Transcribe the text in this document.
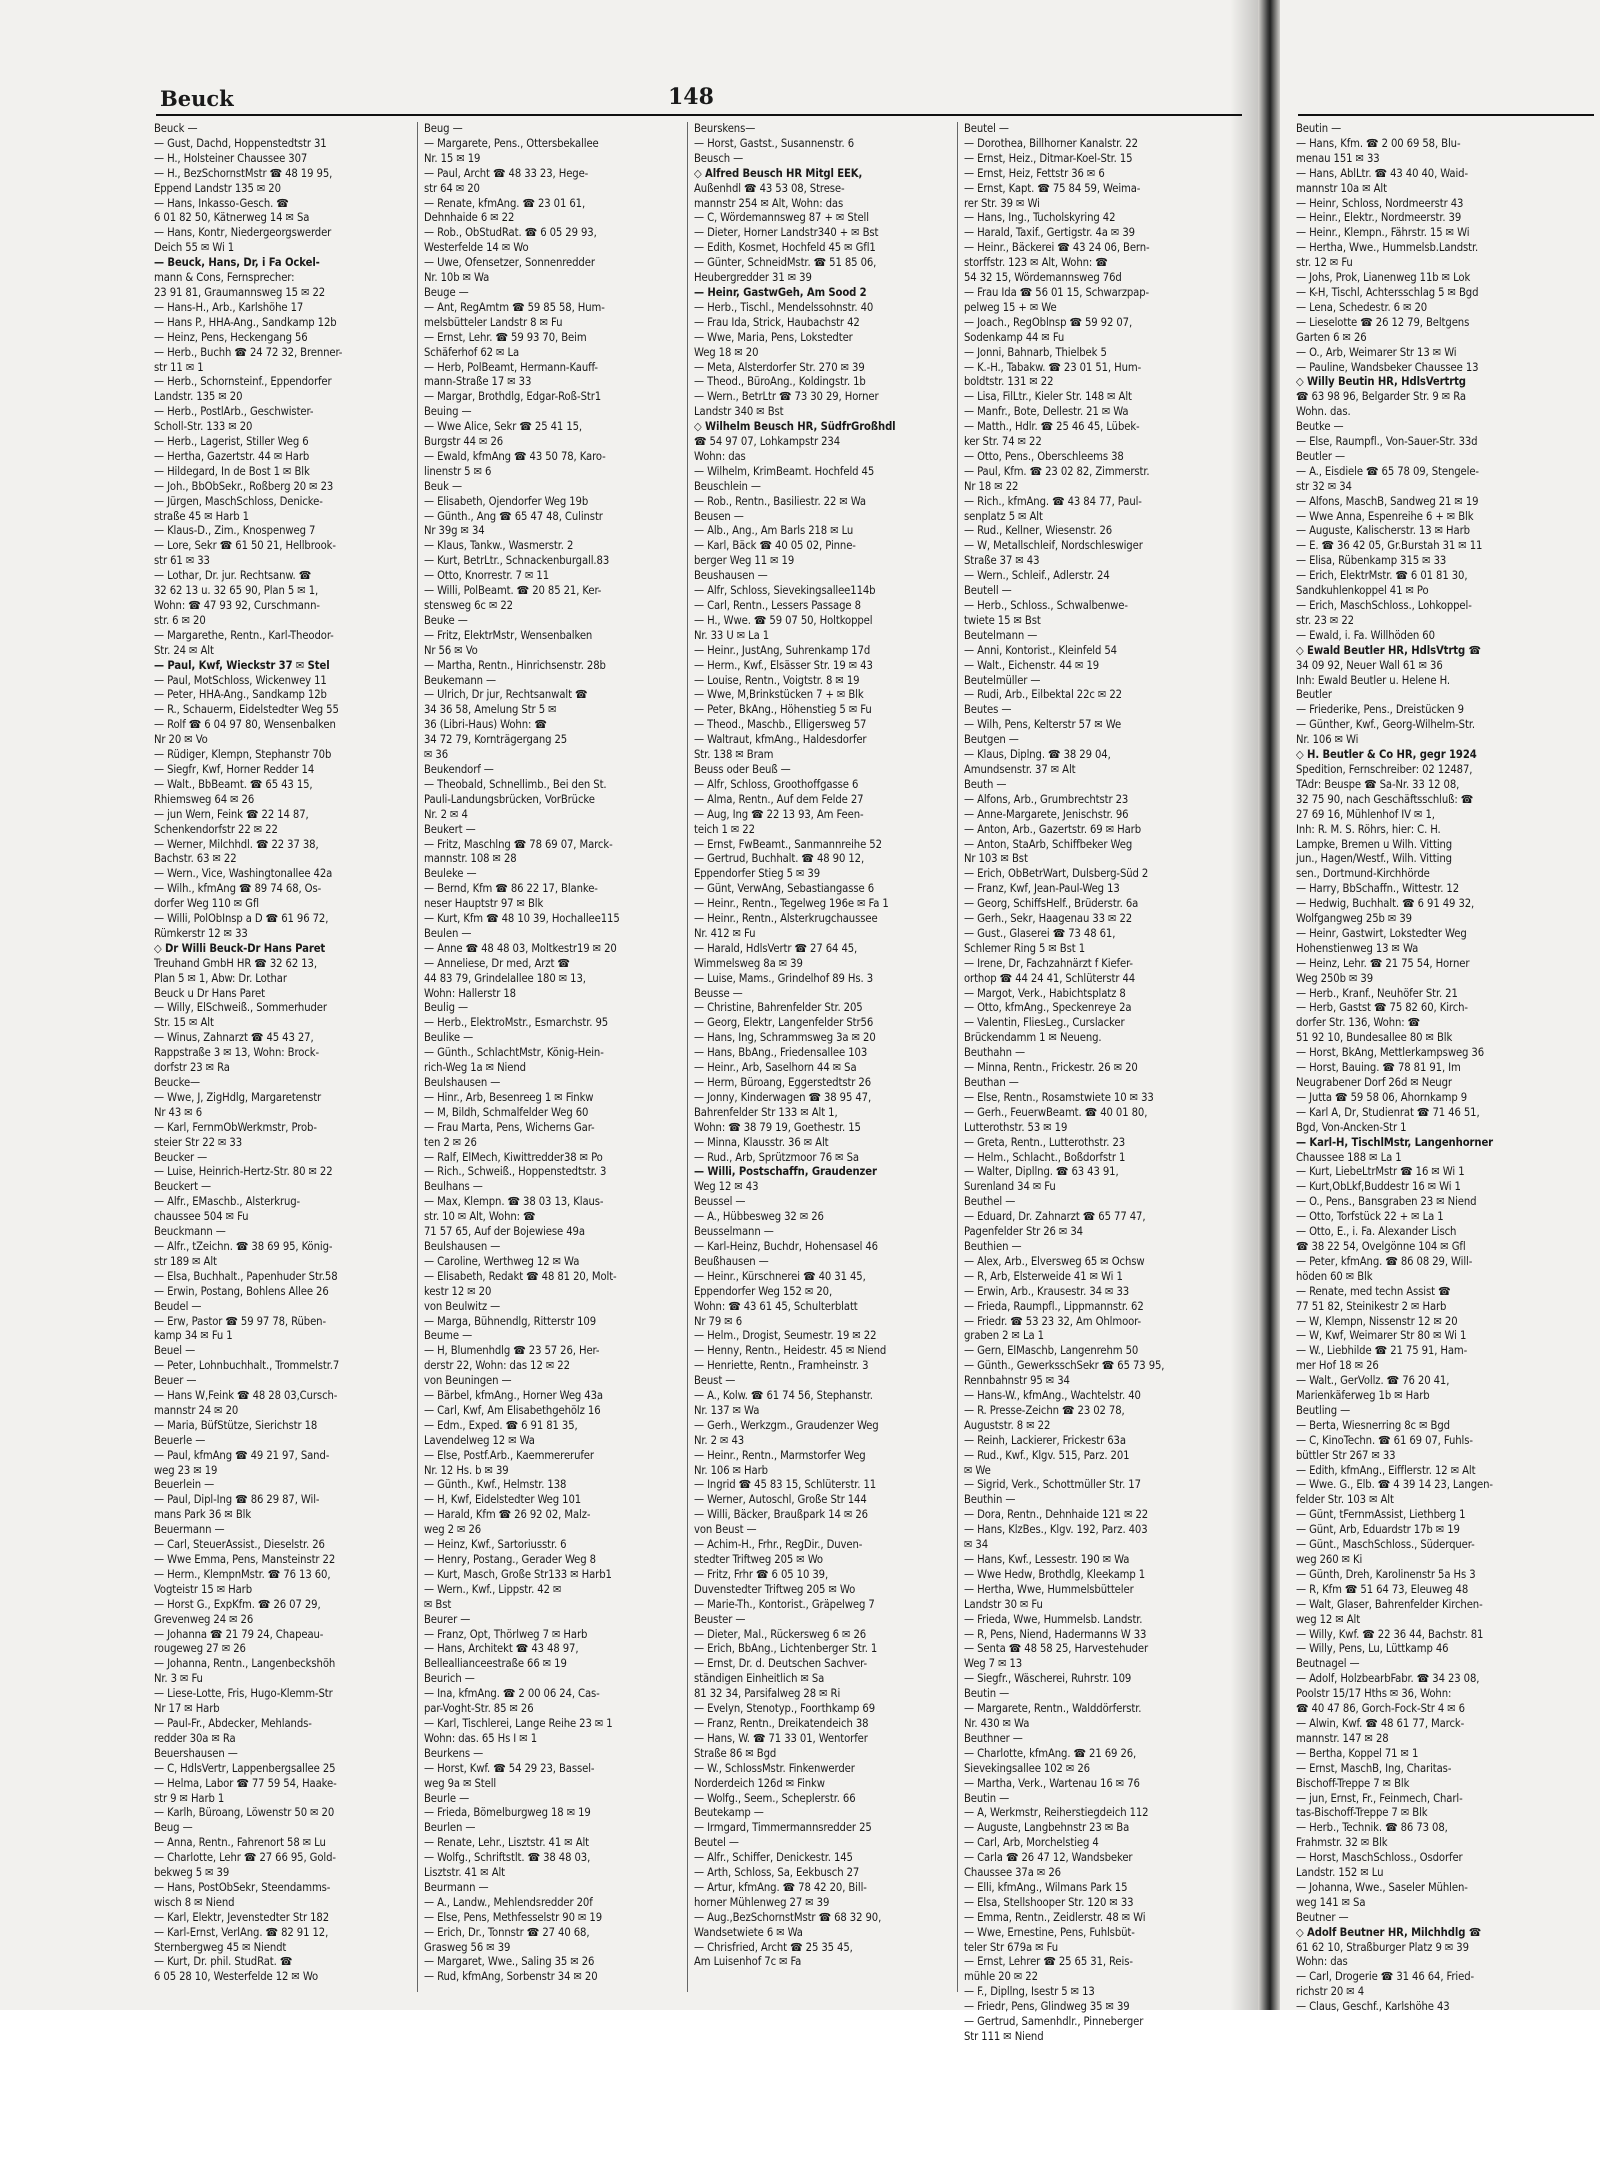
Beuck	148
Beuck —
— Gust, Dachd, Hoppenstedtstr 31
— H., Holsteiner Chaussee 307
— H., BezSchornstMstr ☎ 48 19 95,
Eppend Landstr 135 ✉ 20
— Hans, Inkasso-Gesch. ☎
6 01 82 50, Kätnerweg 14 ✉ Sa
— Hans, Kontr, Niedergeorgswerder
Deich 55 ✉ Wi 1
— Beuck, Hans, Dr, i Fa Ockel-
mann & Cons, Fernsprecher:
23 91 81, Graumannsweg 15 ✉ 22
— Hans-H., Arb., Karlshöhe 17
— Hans P., HHA-Ang., Sandkamp 12b
— Heinz, Pens, Heckengang 56
— Herb., Buchh ☎ 24 72 32, Brenner-
str 11 ✉ 1
— Herb., Schornsteinf., Eppendorfer
Landstr. 135 ✉ 20
— Herb., PostlArb., Geschwister-
Scholl-Str. 133 ✉ 20
— Herb., Lagerist, Stiller Weg 6
— Hertha, Gazertstr. 44 ✉ Harb
— Hildegard, In de Bost 1 ✉ Blk
— Joh., BbObSekr., Roßberg 20 ✉ 23
— Jürgen, MaschSchloss, Denicke-
straße 45 ✉ Harb 1
— Klaus-D., Zim., Knospenweg 7
— Lore, Sekr ☎ 61 50 21, Hellbrook-
str 61 ✉ 33
— Lothar, Dr. jur. Rechtsanw. ☎
32 62 13 u. 32 65 90, Plan 5 ✉ 1,
Wohn: ☎ 47 93 92, Curschmann-
str. 6 ✉ 20
— Margarethe, Rentn., Karl-Theodor-
Str. 24 ✉ Alt
— Paul, Kwf, Wieckstr 37 ✉ Stel
— Paul, MotSchloss, Wickenwey 11
— Peter, HHA-Ang., Sandkamp 12b
— R., Schauerm, Eidelstedter Weg 55
— Rolf ☎ 6 04 97 80, Wensenbalken
Nr 20 ✉ Vo
— Rüdiger, Klempn, Stephanstr 70b
— Siegfr, Kwf, Horner Redder 14
— Walt., BbBeamt. ☎ 65 43 15,
Rhiemsweg 64 ✉ 26
— jun Wern, Feink ☎ 22 14 87,
Schenkendorfstr 22 ✉ 22
— Werner, Milchhdl. ☎ 22 37 38,
Bachstr. 63 ✉ 22
— Wern., Vice, Washingtonallee 42a
— Wilh., kfmAng ☎ 89 74 68, Os-
dorfer Weg 110 ✉ Gfl
— Willi, PolObInsp a D ☎ 61 96 72,
Rümkerstr 12 ✉ 33
◇ Dr Willi Beuck-Dr Hans Paret
Treuhand GmbH HR ☎ 32 62 13,
Plan 5 ✉ 1, Abw: Dr. Lothar
Beuck u Dr Hans Paret
— Willy, ElSchweiß., Sommerhuder
Str. 15 ✉ Alt
— Winus, Zahnarzt ☎ 45 43 27,
Rappstraße 3 ✉ 13, Wohn: Brock-
dorfstr 23 ✉ Ra
Beucke—
— Wwe, J, ZigHdlg, Margaretenstr
Nr 43 ✉ 6
— Karl, FernmObWerkmstr, Prob-
steier Str 22 ✉ 33
Beucker —
— Luise, Heinrich-Hertz-Str. 80 ✉ 22
Beuckert —
— Alfr., EMaschb., Alsterkrug-
chaussee 504 ✉ Fu
Beuckmann —
— Alfr., tZeichn. ☎ 38 69 95, König-
str 189 ✉ Alt
— Elsa, Buchhalt., Papenhuder Str.58
— Erwin, Postang, Bohlens Allee 26
Beudel —
— Erw, Pastor ☎ 59 97 78, Rüben-
kamp 34 ✉ Fu 1
Beuel —
— Peter, Lohnbuchhalt., Trommelstr.7
Beuer —
— Hans W,Feink ☎ 48 28 03,Cursch-
mannstr 24 ✉ 20
— Maria, BüfStütze, Sierichstr 18
Beuerle —
— Paul, kfmAng ☎ 49 21 97, Sand-
weg 23 ✉ 19
Beuerlein —
— Paul, Dipl-Ing ☎ 86 29 87, Wil-
mans Park 36 ✉ Blk
Beuermann —
— Carl, SteuerAssist., Dieselstr. 26
— Wwe Emma, Pens, Mansteinstr 22
— Herm., KlempnMstr. ☎ 76 13 60,
Vogteistr 15 ✉ Harb
— Horst G., ExpKfm. ☎ 26 07 29,
Grevenweg 24 ✉ 26
— Johanna ☎ 21 79 24, Chapeau-
rougeweg 27 ✉ 26
— Johanna, Rentn., Langenbeckshöh
Nr. 3 ✉ Fu
— Liese-Lotte, Fris, Hugo-Klemm-Str
Nr 17 ✉ Harb
— Paul-Fr., Abdecker, Mehlands-
redder 30a ✉ Ra
Beuershausen —
— C, HdlsVertr, Lappenbergsallee 25
— Helma, Labor ☎ 77 59 54, Haake-
str 9 ✉ Harb 1
— Karlh, Büroang, Löwenstr 50 ✉ 20
Beug —
— Anna, Rentn., Fahrenort 58 ✉ Lu
— Charlotte, Lehr ☎ 27 66 95, Gold-
bekweg 5 ✉ 39
— Hans, PostObSekr, Steendamms-
wisch 8 ✉ Niend
— Karl, Elektr, Jevenstedter Str 182
— Karl-Ernst, VerlAng. ☎ 82 91 12,
Sternbergweg 45 ✉ Niendt
— Kurt, Dr. phil. StudRat. ☎
6 05 28 10, Westerfelde 12 ✉ Wo
Beug —
— Margarete, Pens., Ottersbekallee
Nr. 15 ✉ 19
— Paul, Archt ☎ 48 33 23, Hege-
str 64 ✉ 20
— Renate, kfmAng. ☎ 23 01 61,
Dehnhaide 6 ✉ 22
— Rob., ObStudRat. ☎ 6 05 29 93,
Westerfelde 14 ✉ Wo
— Uwe, Ofensetzer, Sonnenredder
Nr. 10b ✉ Wa
Beuge —
— Ant, RegAmtm ☎ 59 85 58, Hum-
melsbütteler Landstr 8 ✉ Fu
— Ernst, Lehr. ☎ 59 93 70, Beim
Schäferhof 62 ✉ La
— Herb, PolBeamt, Hermann-Kauff-
mann-Straße 17 ✉ 33
— Margar, Brothdlg, Edgar-Roß-Str1
Beuing —
— Wwe Alice, Sekr ☎ 25 41 15,
Burgstr 44 ✉ 26
— Ewald, kfmAng ☎ 43 50 78, Karo-
linenstr 5 ✉ 6
Beuk —
— Elisabeth, Ojendorfer Weg 19b
— Günth., Ang ☎ 65 47 48, Culinstr
Nr 39g ✉ 34
— Klaus, Tankw., Wasmerstr. 2
— Kurt, BetrLtr., Schnackenburgall.83
— Otto, Knorrestr. 7 ✉ 11
— Willi, PolBeamt. ☎ 20 85 21, Ker-
stensweg 6c ✉ 22
Beuke —
— Fritz, ElektrMstr, Wensenbalken
Nr 56 ✉ Vo
— Martha, Rentn., Hinrichsenstr. 28b
Beukemann —
— Ulrich, Dr jur, Rechtsanwalt ☎
34 36 58, Amelung Str 5 ✉
36 (Libri-Haus) Wohn: ☎
34 72 79, Kornträgergang 25
✉ 36
Beukendorf —
— Theobald, Schnellimb., Bei den St.
Pauli-Landungsbrücken, VorBrücke
Nr. 2 ✉ 4
Beukert —
— Fritz, Maschlng ☎ 78 69 07, Marck-
mannstr. 108 ✉ 28
Beuleke —
— Bernd, Kfm ☎ 86 22 17, Blanke-
neser Hauptstr 97 ✉ Blk
— Kurt, Kfm ☎ 48 10 39, Hochallee115
Beulen —
— Anne ☎ 48 48 03, Moltkestr19 ✉ 20
— Anneliese, Dr med, Arzt ☎
44 83 79, Grindelallee 180 ✉ 13,
Wohn: Hallerstr 18
Beulig —
— Herb., ElektroMstr., Esmarchstr. 95
Beulike —
— Günth., SchlachtMstr, König-Hein-
rich-Weg 1a ✉ Niend
Beulshausen —
— Hinr., Arb, Besenreeg 1 ✉ Finkw
— M, Bildh, Schmalfelder Weg 60
— Frau Marta, Pens, Wicherns Gar-
ten 2 ✉ 26
— Ralf, ElMech, Kiwittredder38 ✉ Po
— Rich., Schweiß., Hoppenstedtstr. 3
Beulhans —
— Max, Klempn. ☎ 38 03 13, Klaus-
str. 10 ✉ Alt, Wohn: ☎
71 57 65, Auf der Bojewiese 49a
Beulshausen —
— Caroline, Werthweg 12 ✉ Wa
— Elisabeth, Redakt ☎ 48 81 20, Molt-
kestr 12 ✉ 20
von Beulwitz —
— Marga, Bühnendlg, Ritterstr 109
Beume —
— H, Blumenhdlg ☎ 23 57 26, Her-
derstr 22, Wohn: das 12 ✉ 22
von Beuningen —
— Bärbel, kfmAng., Horner Weg 43a
— Carl, Kwf, Am Elisabethgehölz 16
— Edm., Exped. ☎ 6 91 81 35,
Lavendelweg 12 ✉ Wa
— Else, Postf.Arb., Kaemmererufer
Nr. 12 Hs. b ✉ 39
— Günth., Kwf., Helmstr. 138
— H, Kwf, Eidelstedter Weg 101
— Harald, Kfm ☎ 26 92 02, Malz-
weg 2 ✉ 26
— Heinz, Kwf., Sartoriusstr. 6
— Henry, Postang., Gerader Weg 8
— Kurt, Masch, Große Str133 ✉ Harb1
— Wern., Kwf., Lippstr. 42 ✉
✉ Bst
Beurer —
— Franz, Opt, Thörlweg 7 ✉ Harb
— Hans, Architekt ☎ 43 48 97,
Belleallianceestraße 66 ✉ 19
Beurich —
— Ina, kfmAng. ☎ 2 00 06 24, Cas-
par-Voght-Str. 85 ✉ 26
— Karl, Tischlerei, Lange Reihe 23 ✉ 1
Wohn: das. 65 Hs I ✉ 1
Beurkens —
— Horst, Kwf. ☎ 54 29 23, Bassel-
weg 9a ✉ Stell
Beurle —
— Frieda, Bömelburgweg 18 ✉ 19
Beurlen —
— Renate, Lehr., Lisztstr. 41 ✉ Alt
— Wolfg., Schriftstlt. ☎ 38 48 03,
Lisztstr. 41 ✉ Alt
Beurmann —
— A., Landw., Mehlendsredder 20f
— Else, Pens, Methfesselstr 90 ✉ 19
— Erich, Dr., Tonnstr ☎ 27 40 68,
Grasweg 56 ✉ 39
— Margaret, Wwe., Saling 35 ✉ 26
— Rud, kfmAng, Sorbenstr 34 ✉ 20
Beurskens—
— Horst, Gastst., Susannenstr. 6
Beusch —
◇ Alfred Beusch HR Mitgl EEK,
Außenhdl ☎ 43 53 08, Strese-
mannstr 254 ✉ Alt, Wohn: das
— C, Wördemannsweg 87 + ✉ Stell
— Dieter, Horner Landstr340 + ✉ Bst
— Edith, Kosmet, Hochfeld 45 ✉ Gfl1
— Günter, SchneidMstr. ☎ 51 85 06,
Heubergredder 31 ✉ 39
— Heinr, GastwGeh, Am Sood 2
— Herb., Tischl., Mendelssohnstr. 40
— Frau Ida, Strick, Haubachstr 42
— Wwe, Maria, Pens, Lokstedter
Weg 18 ✉ 20
— Meta, Alsterdorfer Str. 270 ✉ 39
— Theod., BüroAng., Koldingstr. 1b
— Wern., BetrLtr ☎ 73 30 29, Horner
Landstr 340 ✉ Bst
◇ Wilhelm Beusch HR, SüdfrGroßhdl
☎ 54 97 07, Lohkampstr 234
Wohn: das
— Wilhelm, KrimBeamt. Hochfeld 45
Beuschlein —
— Rob., Rentn., Basiliestr. 22 ✉ Wa
Beusen —
— Alb., Ang., Am Barls 218 ✉ Lu
— Karl, Bäck ☎ 40 05 02, Pinne-
berger Weg 11 ✉ 19
Beushausen —
— Alfr, Schloss, Sievekingsallee114b
— Carl, Rentn., Lessers Passage 8
— H., Wwe. ☎ 59 07 50, Holtkoppel
Nr. 33 U ✉ La 1
— Heinr., JustAng, Suhrenkamp 17d
— Herm., Kwf., Elsässer Str. 19 ✉ 43
— Louise, Rentn., Voigtstr. 8 ✉ 19
— Wwe, M,Brinkstücken 7 + ✉ Blk
— Peter, BkAng., Höhenstieg 5 ✉ Fu
— Theod., Maschb., Elligersweg 57
— Waltraut, kfmAng., Haldesdorfer
Str. 138 ✉ Bram
Beuss oder Beuß —
— Alfr, Schloss, Groothoffgasse 6
— Alma, Rentn., Auf dem Felde 27
— Aug, Ing ☎ 22 13 93, Am Feen-
teich 1 ✉ 22
— Ernst, FwBeamt., Sanmannreihe 52
— Gertrud, Buchhalt. ☎ 48 90 12,
Eppendorfer Stieg 5 ✉ 39
— Günt, VerwAng, Sebastiangasse 6
— Heinr., Rentn., Tegelweg 196e ✉ Fa 1
— Heinr., Rentn., Alsterkrugchaussee
Nr. 412 ✉ Fu
— Harald, HdlsVertr ☎ 27 64 45,
Wimmelsweg 8a ✉ 39
— Luise, Mams., Grindelhof 89 Hs. 3
Beusse —
— Christine, Bahrenfelder Str. 205
— Georg, Elektr, Langenfelder Str56
— Hans, Ing, Schrammsweg 3a ✉ 20
— Hans, BbAng., Friedensallee 103
— Heinr., Arb, Saselhorn 44 ✉ Sa
— Herm, Büroang, Eggerstedtstr 26
— Jonny, Kinderwagen ☎ 38 95 47,
Bahrenfelder Str 133 ✉ Alt 1,
Wohn: ☎ 38 79 19, Goethestr. 15
— Minna, Klausstr. 36 ✉ Alt
— Rud., Arb, Sprützmoor 76 ✉ Sa
— Willi, Postschaffn, Graudenzer
Weg 12 ✉ 43
Beussel —
— A., Hübbesweg 32 ✉ 26
Beusselmann —
— Karl-Heinz, Buchdr, Hohensasel 46
Beußhausen —
— Heinr., Kürschnerei ☎ 40 31 45,
Eppendorfer Weg 152 ✉ 20,
Wohn: ☎ 43 61 45, Schulterblatt
Nr 79 ✉ 6
— Helm., Drogist, Seumestr. 19 ✉ 22
— Henny, Rentn., Heidestr. 45 ✉ Niend
— Henriette, Rentn., Framheinstr. 3
Beust —
— A., Kolw. ☎ 61 74 56, Stephanstr.
Nr. 137 ✉ Wa
— Gerh., Werkzgm., Graudenzer Weg
Nr. 2 ✉ 43
— Heinr., Rentn., Marmstorfer Weg
Nr. 106 ✉ Harb
— Ingrid ☎ 45 83 15, Schlüterstr. 11
— Werner, Autoschl, Große Str 144
— Willi, Bäcker, Braußpark 14 ✉ 26
von Beust —
— Achim-H., Frhr., RegDir., Duven-
stedter Triftweg 205 ✉ Wo
— Fritz, Frhr ☎ 6 05 10 39,
Duvenstedter Triftweg 205 ✉ Wo
— Marie-Th., Kontorist., Gräpelweg 7
Beuster —
— Dieter, Mal., Rückersweg 6 ✉ 26
— Erich, BbAng., Lichtenberger Str. 1
— Ernst, Dr. d. Deutschen Sachver-
ständigen Einheitlich ✉ Sa
81 32 34, Parsifalweg 28 ✉ Ri
— Evelyn, Stenotyp., Foorthkamp 69
— Franz, Rentn., Dreikatendeich 38
— Hans, W. ☎ 71 33 01, Wentorfer
Straße 86 ✉ Bgd
— W., SchlossMstr. Finkenwerder
Norderdeich 126d ✉ Finkw
— Wolfg., Seem., Scheplerstr. 66
Beutekamp —
— Irmgard, Timmermannsredder 25
Beutel —
— Alfr., Schiffer, Denickestr. 145
— Arth, Schloss, Sa, Eekbusch 27
— Artur, kfmAng. ☎ 78 42 20, Bill-
horner Mühlenweg 27 ✉ 39
— Aug.,BezSchornstMstr ☎ 68 32 90,
Wandsetwiete 6 ✉ Wa
— Chrisfried, Archt ☎ 25 35 45,
Am Luisenhof 7c ✉ Fa
Beutel —
— Dorothea, Billhorner Kanalstr. 22
— Ernst, Heiz., Ditmar-Koel-Str. 15
— Ernst, Heiz, Fettstr 36 ✉ 6
— Ernst, Kapt. ☎ 75 84 59, Weima-
rer Str. 39 ✉ Wi
— Hans, Ing., Tucholskyring 42
— Harald, Taxif., Gertigstr. 4a ✉ 39
— Heinr., Bäckerei ☎ 43 24 06, Bern-
storffstr. 123 ✉ Alt, Wohn: ☎
54 32 15, Wördemannsweg 76d
— Frau Ida ☎ 56 01 15, Schwarzpap-
pelweg 15 + ✉ We
— Joach., RegOblnsp ☎ 59 92 07,
Sodenkamp 44 ✉ Fu
— Jonni, Bahnarb, Thielbek 5
— K.-H., Tabakw. ☎ 23 01 51, Hum-
boldtstr. 131 ✉ 22
— Lisa, FilLtr., Kieler Str. 148 ✉ Alt
— Manfr., Bote, Dellestr. 21 ✉ Wa
— Matth., Hdlr. ☎ 25 46 45, Lübek-
ker Str. 74 ✉ 22
— Otto, Pens., Oberschleems 38
— Paul, Kfm. ☎ 23 02 82, Zimmerstr.
Nr 18 ✉ 22
— Rich., kfmAng. ☎ 43 84 77, Paul-
senplatz 5 ✉ Alt
— Rud., Kellner, Wiesenstr. 26
— W, Metallschleif, Nordschleswiger
Straße 37 ✉ 43
— Wern., Schleif., Adlerstr. 24
Beutell —
— Herb., Schloss., Schwalbenwe-
twiete 15 ✉ Bst
Beutelmann —
— Anni, Kontorist., Kleinfeld 54
— Walt., Eichenstr. 44 ✉ 19
Beutelmüller —
— Rudi, Arb., Eilbektal 22c ✉ 22
Beutes —
— Wilh, Pens, Kelterstr 57 ✉ We
Beutgen —
— Klaus, Diplng. ☎ 38 29 04,
Amundsenstr. 37 ✉ Alt
Beuth —
— Alfons, Arb., Grumbrechtstr 23
— Anne-Margarete, Jenischstr. 96
— Anton, Arb., Gazertstr. 69 ✉ Harb
— Anton, StaArb, Schiffbeker Weg
Nr 103 ✉ Bst
— Erich, ObBetrWart, Dulsberg-Süd 2
— Franz, Kwf, Jean-Paul-Weg 13
— Georg, SchiffsHelf., Brüderstr. 6a
— Gerh., Sekr, Haagenau 33 ✉ 22
— Gust., Glaserei ☎ 73 48 61,
Schlemer Ring 5 ✉ Bst 1
— Irene, Dr, Fachzahnärzt f Kiefer-
orthop ☎ 44 24 41, Schlüterstr 44
— Margot, Verk., Habichtsplatz 8
— Otto, kfmAng., Speckenreye 2a
— Valentin, FliesLeg., Curslacker
Brückendamm 1 ✉ Neueng.
Beuthahn —
— Minna, Rentn., Frickestr. 26 ✉ 20
Beuthan —
— Else, Rentn., Rosamstwiete 10 ✉ 33
— Gerh., FeuerwBeamt. ☎ 40 01 80,
Lutterothstr. 53 ✉ 19
— Greta, Rentn., Lutterothstr. 23
— Helm., Schlacht., Boßdorfstr 1
— Walter, Dipllng. ☎ 63 43 91,
Surenland 34 ✉ Fu
Beuthel —
— Eduard, Dr. Zahnarzt ☎ 65 77 47,
Pagenfelder Str 26 ✉ 34
Beuthien —
— Alex, Arb., Elversweg 65 ✉ Ochsw
— R, Arb, Elsterweide 41 ✉ Wi 1
— Erwin, Arb., Krausestr. 34 ✉ 33
— Frieda, Raumpfl., Lippmannstr. 62
— Friedr. ☎ 53 23 32, Am Ohlmoor-
graben 2 ✉ La 1
— Gern, ElMaschb, Langenrehm 50
— Günth., GewerksschSekr ☎ 65 73 95,
Rennbahnstr 95 ✉ 34
— Hans-W., kfmAng., Wachtelstr. 40
— R. Presse-Zeichn ☎ 23 02 78,
Auguststr. 8 ✉ 22
— Reinh, Lackierer, Frickestr 63a
— Rud., Kwf., Klgv. 515, Parz. 201
✉ We
— Sigrid, Verk., Schottmüller Str. 17
Beuthin —
— Dora, Rentn., Dehnhaide 121 ✉ 22
— Hans, KlzBes., Klgv. 192, Parz. 403
✉ 34
— Hans, Kwf., Lessestr. 190 ✉ Wa
— Wwe Hedw, Brothdlg, Kleekamp 1
— Hertha, Wwe, Hummelsbütteler
Landstr 30 ✉ Fu
— Frieda, Wwe, Hummelsb. Landstr.
— R, Pens, Niend, Hadermanns W 33
— Senta ☎ 48 58 25, Harvestehuder
Weg 7 ✉ 13
— Siegfr., Wäscherei, Ruhrstr. 109
Beutin —
— Margarete, Rentn., Walddörferstr.
Nr. 430 ✉ Wa
Beuthner —
— Charlotte, kfmAng. ☎ 21 69 26,
Sievekingsallee 102 ✉ 26
— Martha, Verk., Wartenau 16 ✉ 76
Beutin —
— A, Werkmstr, Reiherstiegdeich 112
— Auguste, Langbehnstr 23 ✉ Ba
— Carl, Arb, Morchelstieg 4
— Carla ☎ 26 47 12, Wandsbeker
Chaussee 37a ✉ 26
— Elli, kfmAng., Wilmans Park 15
— Elsa, Stellshooper Str. 120 ✉ 33
— Emma, Rentn., Zeidlerstr. 48 ✉ Wi
— Wwe, Ernestine, Pens, Fuhlsbüt-
teler Str 679a ✉ Fu
— Ernst, Lehrer ☎ 25 65 31, Reis-
mühle 20 ✉ 22
— F., Dipllng, Isestr 5 ✉ 13
— Friedr, Pens, Glindweg 35 ✉ 39
— Gertrud, Samenhdlr., Pinneberger
Str 111 ✉ Niend
Beutin —
— Hans, Kfm. ☎ 2 00 69 58, Blu-
menau 151 ✉ 33
— Hans, AblLtr. ☎ 43 40 40, Waid-
mannstr 10a ✉ Alt
— Heinr, Schloss, Nordmeerstr 43
— Heinr., Elektr., Nordmeerstr. 39
— Heinr., Klempn., Fährstr. 15 ✉ Wi
— Hertha, Wwe., Hummelsb.Landstr.
str. 12 ✉ Fu
— Johs, Prok, Lianenweg 11b ✉ Lok
— K-H, Tischl, Achtersschlag 5 ✉ Bgd
— Lena, Schedestr. 6 ✉ 20
— Lieselotte ☎ 26 12 79, Beltgens
Garten 6 ✉ 26
— O., Arb, Weimarer Str 13 ✉ Wi
— Pauline, Wandsbeker Chaussee 13
◇ Willy Beutin HR, HdlsVertrtg
☎ 63 98 96, Belgarder Str. 9 ✉ Ra
Wohn. das.
Beutke —
— Else, Raumpfl., Von-Sauer-Str. 33d
Beutler —
— A., Eisdiele ☎ 65 78 09, Stengele-
str 32 ✉ 34
— Alfons, MaschB, Sandweg 21 ✉ 19
— Wwe Anna, Espenreihe 6 + ✉ Blk
— Auguste, Kalischerstr. 13 ✉ Harb
— E. ☎ 36 42 05, Gr.Burstah 31 ✉ 11
— Elisa, Rübenkamp 315 ✉ 33
— Erich, ElektrMstr. ☎ 6 01 81 30,
Sandkuhlenkoppel 41 ✉ Po
— Erich, MaschSchloss., Lohkoppel-
str. 23 ✉ 22
— Ewald, i. Fa. Willhöden 60
◇ Ewald Beutler HR, HdlsVtrtg ☎
34 09 92, Neuer Wall 61 ✉ 36
Inh: Ewald Beutler u. Helene H.
Beutler
— Friederike, Pens., Dreistücken 9
— Günther, Kwf., Georg-Wilhelm-Str.
Nr. 106 ✉ Wi
◇ H. Beutler & Co HR, gegr 1924
Spedition, Fernschreiber: 02 12487,
TAdr: Beuspe ☎ Sa-Nr. 33 12 08,
32 75 90, nach Geschäftsschluß: ☎
27 69 16, Mühlenhof IV ✉ 1,
Inh: R. M. S. Röhrs, hier: C. H.
Lampke, Bremen u Wilh. Vitting
jun., Hagen/Westf., Wilh. Vitting
sen., Dortmund-Kirchhörde
— Harry, BbSchaffn., Wittestr. 12
— Hedwig, Buchhalt. ☎ 6 91 49 32,
Wolfgangweg 25b ✉ 39
— Heinr, Gastwirt, Lokstedter Weg
Hohenstienweg 13 ✉ Wa
— Heinz, Lehr. ☎ 21 75 54, Horner
Weg 250b ✉ 39
— Herb., Kranf., Neuhöfer Str. 21
— Herb, Gastst ☎ 75 82 60, Kirch-
dorfer Str. 136, Wohn: ☎
51 92 10, Bundesallee 80 ✉ Blk
— Horst, BkAng, Mettlerkampsweg 36
— Horst, Bauing. ☎ 78 81 91, Im
Neugrabener Dorf 26d ✉ Neugr
— Jutta ☎ 59 58 06, Ahornkamp 9
— Karl A, Dr, Studienrat ☎ 71 46 51,
Bgd, Von-Ancken-Str 1
— Karl-H, TischlMstr, Langenhorner
Chaussee 188 ✉ La 1
— Kurt, LiebeLtrMstr ☎ 16 ✉ Wi 1
— Kurt,ObLkf,Buddestr 16 ✉ Wi 1
— O., Pens., Bansgraben 23 ✉ Niend
— Otto, Torfstück 22 + ✉ La 1
— Otto, E., i. Fa. Alexander Lisch
☎ 38 22 54, Ovelgönne 104 ✉ Gfl
— Peter, kfmAng. ☎ 86 08 29, Will-
höden 60 ✉ Blk
— Renate, med techn Assist ☎
77 51 82, Steinikestr 2 ✉ Harb
— W, Klempn, Nissenstr 12 ✉ 20
— W, Kwf, Weimarer Str 80 ✉ Wi 1
— W., Liebhilde ☎ 21 75 91, Ham-
mer Hof 18 ✉ 26
— Walt., GerVollz. ☎ 76 20 41,
Marienkäferweg 1b ✉ Harb
Beutling —
— Berta, Wiesnerring 8c ✉ Bgd
— C, KinoTechn. ☎ 61 69 07, Fuhls-
büttler Str 267 ✉ 33
— Edith, kfmAng., Eifflerstr. 12 ✉ Alt
— Wwe. G., Elb. ☎ 4 39 14 23, Langen-
felder Str. 103 ✉ Alt
— Günt, tFernmAssist, Liethberg 1
— Günt, Arb, Eduardstr 17b ✉ 19
— Günt., MaschSchloss., Süderquer-
weg 260 ✉ Ki
— Günth, Dreh, Karolinenstr 5a Hs 3
— R, Kfm ☎ 51 64 73, Eleuweg 48
— Walt, Glaser, Bahrenfelder Kirchen-
weg 12 ✉ Alt
— Willy, Kwf. ☎ 22 36 44, Bachstr. 81
— Willy, Pens, Lu, Lüttkamp 46
Beutnagel —
— Adolf, HolzbearbFabr. ☎ 34 23 08,
Poolstr 15/17 Hths ✉ 36, Wohn:
☎ 40 47 86, Gorch-Fock-Str 4 ✉ 6
— Alwin, Kwf. ☎ 48 61 77, Marck-
mannstr. 147 ✉ 28
— Bertha, Koppel 71 ✉ 1
— Ernst, MaschB, Ing, Charitas-
Bischoff-Treppe 7 ✉ Blk
— jun, Ernst, Fr., Feinmech, Charl-
tas-Bischoff-Treppe 7 ✉ Blk
— Herb., Technik. ☎ 86 73 08,
Frahmstr. 32 ✉ Blk
— Horst, MaschSchloss., Osdorfer
Landstr. 152 ✉ Lu
— Johanna, Wwe., Saseler Mühlen-
weg 141 ✉ Sa
Beutner —
◇ Adolf Beutner HR, Milchhdlg ☎
61 62 10, Straßburger Platz 9 ✉ 39
Wohn: das
— Carl, Drogerie ☎ 31 46 64, Fried-
richstr 20 ✉ 4
— Claus, Geschf., Karlshöhe 43
